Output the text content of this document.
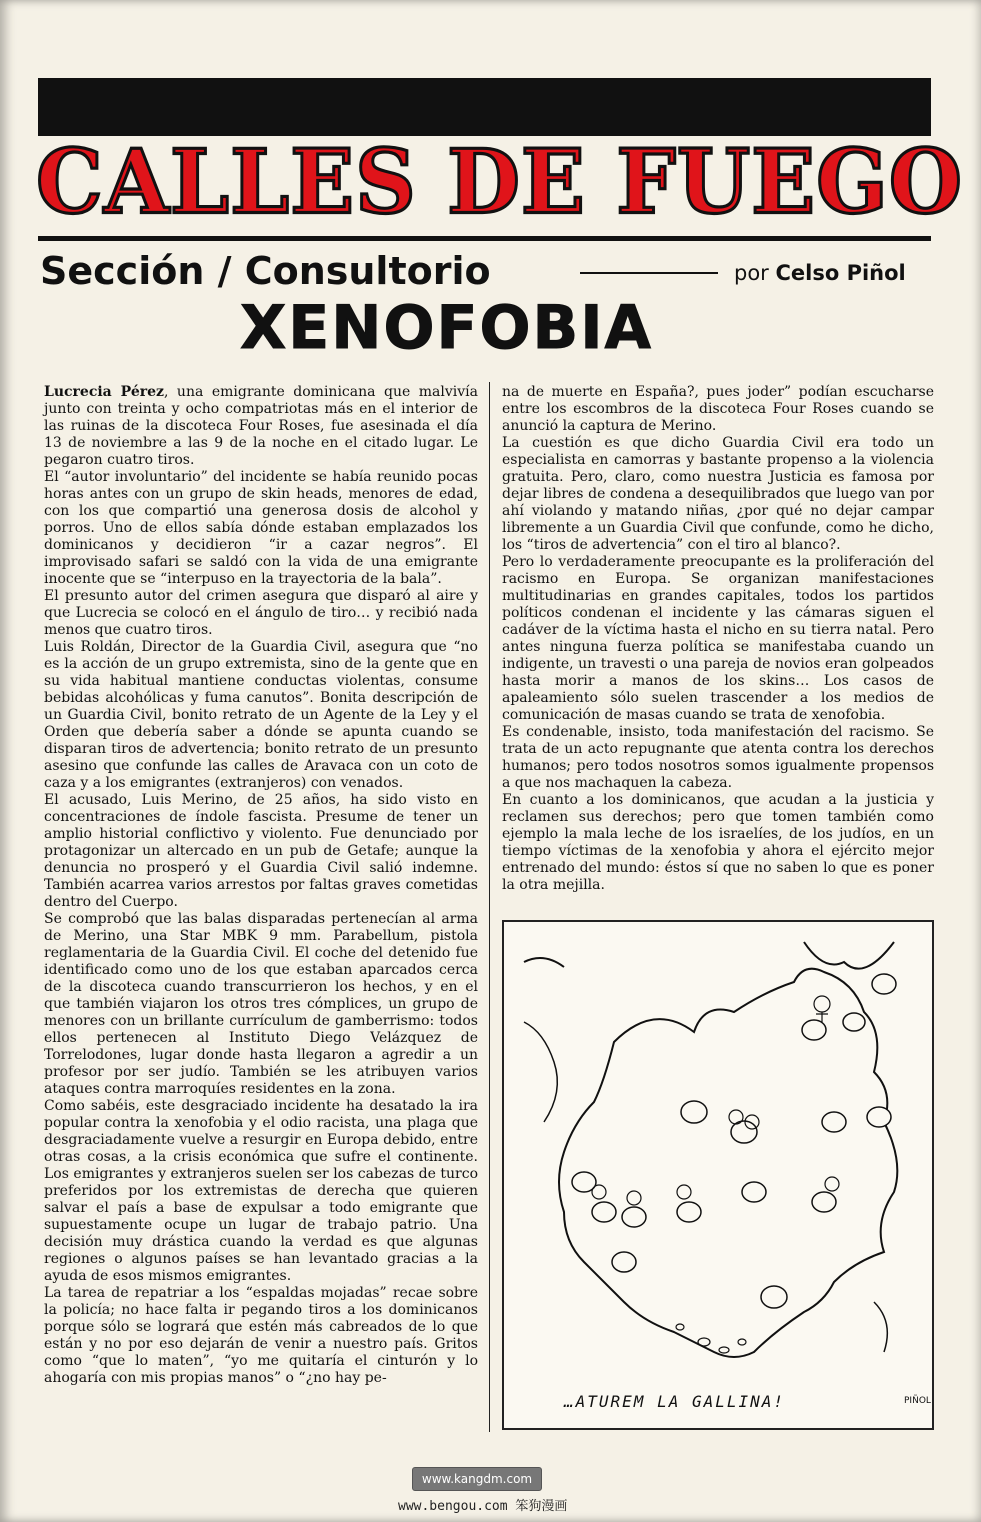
CALLES DE FUEGO
Sección / Consultorio	por Celso Piñol
XENOFOBIA

Lucrecia Pérez, una emigrante dominicana que malvivía junto con treinta y ocho compatriotas más en el interior de las ruinas de la discoteca Four Roses, fue asesinada el día 13 de noviembre a las 9 de la noche en el citado lugar. Le pegaron cuatro tiros.

El “autor involuntario” del incidente se había reunido pocas horas antes con un grupo de skin heads, menores de edad, con los que compartió una generosa dosis de alcohol y porros. Uno de ellos sabía dónde estaban emplazados los dominicanos y decidieron “ir a cazar negros”. El improvisado safari se saldó con la vida de una emigrante inocente que se “interpuso en la trayectoria de la bala”.

El presunto autor del crimen asegura que disparó al aire y que Lucrecia se colocó en el ángulo de tiro… y recibió nada menos que cuatro tiros.

Luis Roldán, Director de la Guardia Civil, asegura que “no es la acción de un grupo extremista, sino de la gente que en su vida habitual mantiene conductas violentas, consume bebidas alcohólicas y fuma canutos”. Bonita descripción de un Guardia Civil, bonito retrato de un Agente de la Ley y el Orden que debería saber a dónde se apunta cuando se disparan tiros de advertencia; bonito retrato de un presunto asesino que confunde las calles de Aravaca con un coto de caza y a los emigrantes (extranjeros) con venados.

El acusado, Luis Merino, de 25 años, ha sido visto en concentraciones de índole fascista. Presume de tener un amplio historial conflictivo y violento. Fue denunciado por protagonizar un altercado en un pub de Getafe; aunque la denuncia no prosperó y el Guardia Civil salió indemne. También acarrea varios arrestos por faltas graves cometidas dentro del Cuerpo.

Se comprobó que las balas disparadas pertenecían al arma de Merino, una Star MBK 9 mm. Parabellum, pistola reglamentaria de la Guardia Civil. El coche del detenido fue identificado como uno de los que estaban aparcados cerca de la discoteca cuando transcurrieron los hechos, y en el que también viajaron los otros tres cómplices, un grupo de menores con un brillante currículum de gamberrismo: todos ellos pertenecen al Instituto Diego Velázquez de Torrelodones, lugar donde hasta llegaron a agredir a un profesor por ser judío. También se les atribuyen varios ataques contra marroquíes residentes en la zona.

Como sabéis, este desgraciado incidente ha desatado la ira popular contra la xenofobia y el odio racista, una plaga que desgraciadamente vuelve a resurgir en Europa debido, entre otras cosas, a la crisis económica que sufre el continente. Los emigrantes y extranjeros suelen ser los cabezas de turco preferidos por los extremistas de derecha que quieren salvar el país a base de expulsar a todo emigrante que supuestamente ocupe un lugar de trabajo patrio. Una decisión muy drástica cuando la verdad es que algunas regiones o algunos países se han levantado gracias a la ayuda de esos mismos emigrantes.

La tarea de repatriar a los “espaldas mojadas” recae sobre la policía; no hace falta ir pegando tiros a los dominicanos porque sólo se logrará que estén más cabreados de lo que están y no por eso dejarán de venir a nuestro país. Gritos como “que lo maten”, “yo me quitaría el cinturón y lo ahogaría con mis propias manos” o “¿no hay pe-

na de muerte en España?, pues joder” podían escucharse entre los escombros de la discoteca Four Roses cuando se anunció la captura de Merino.

La cuestión es que dicho Guardia Civil era todo un especialista en camorras y bastante propenso a la violencia gratuita. Pero, claro, como nuestra Justicia es famosa por dejar libres de condena a desequilibrados que luego van por ahí violando y matando niñas, ¿por qué no dejar campar libremente a un Guardia Civil que confunde, como he dicho, los “tiros de advertencia” con el tiro al blanco?.

Pero lo verdaderamente preocupante es la proliferación del racismo en Europa. Se organizan manifestaciones multitudinarias en grandes capitales, todos los partidos políticos condenan el incidente y las cámaras siguen el cadáver de la víctima hasta el nicho en su tierra natal. Pero antes ninguna fuerza política se manifestaba cuando un indigente, un travesti o una pareja de novios eran golpeados hasta morir a manos de los skins… Los casos de apaleamiento sólo suelen trascender a los medios de comunicación de masas cuando se trata de xenofobia.

Es condenable, insisto, toda manifestación del racismo. Se trata de un acto repugnante que atenta contra los derechos humanos; pero todos nosotros somos igualmente propensos a que nos machaquen la cabeza.

En cuanto a los dominicanos, que acudan a la justicia y reclamen sus derechos; pero que tomen también como ejemplo la mala leche de los israelíes, de los judíos, en un tiempo víctimas de la xenofobia y ahora el ejército mejor entrenado del mundo: éstos sí que no saben lo que es poner la otra mejilla.

…ATUREM LA GALLINA!	PIÑOL
www.kangdm.com
www.bengou.com 笨狗漫画
